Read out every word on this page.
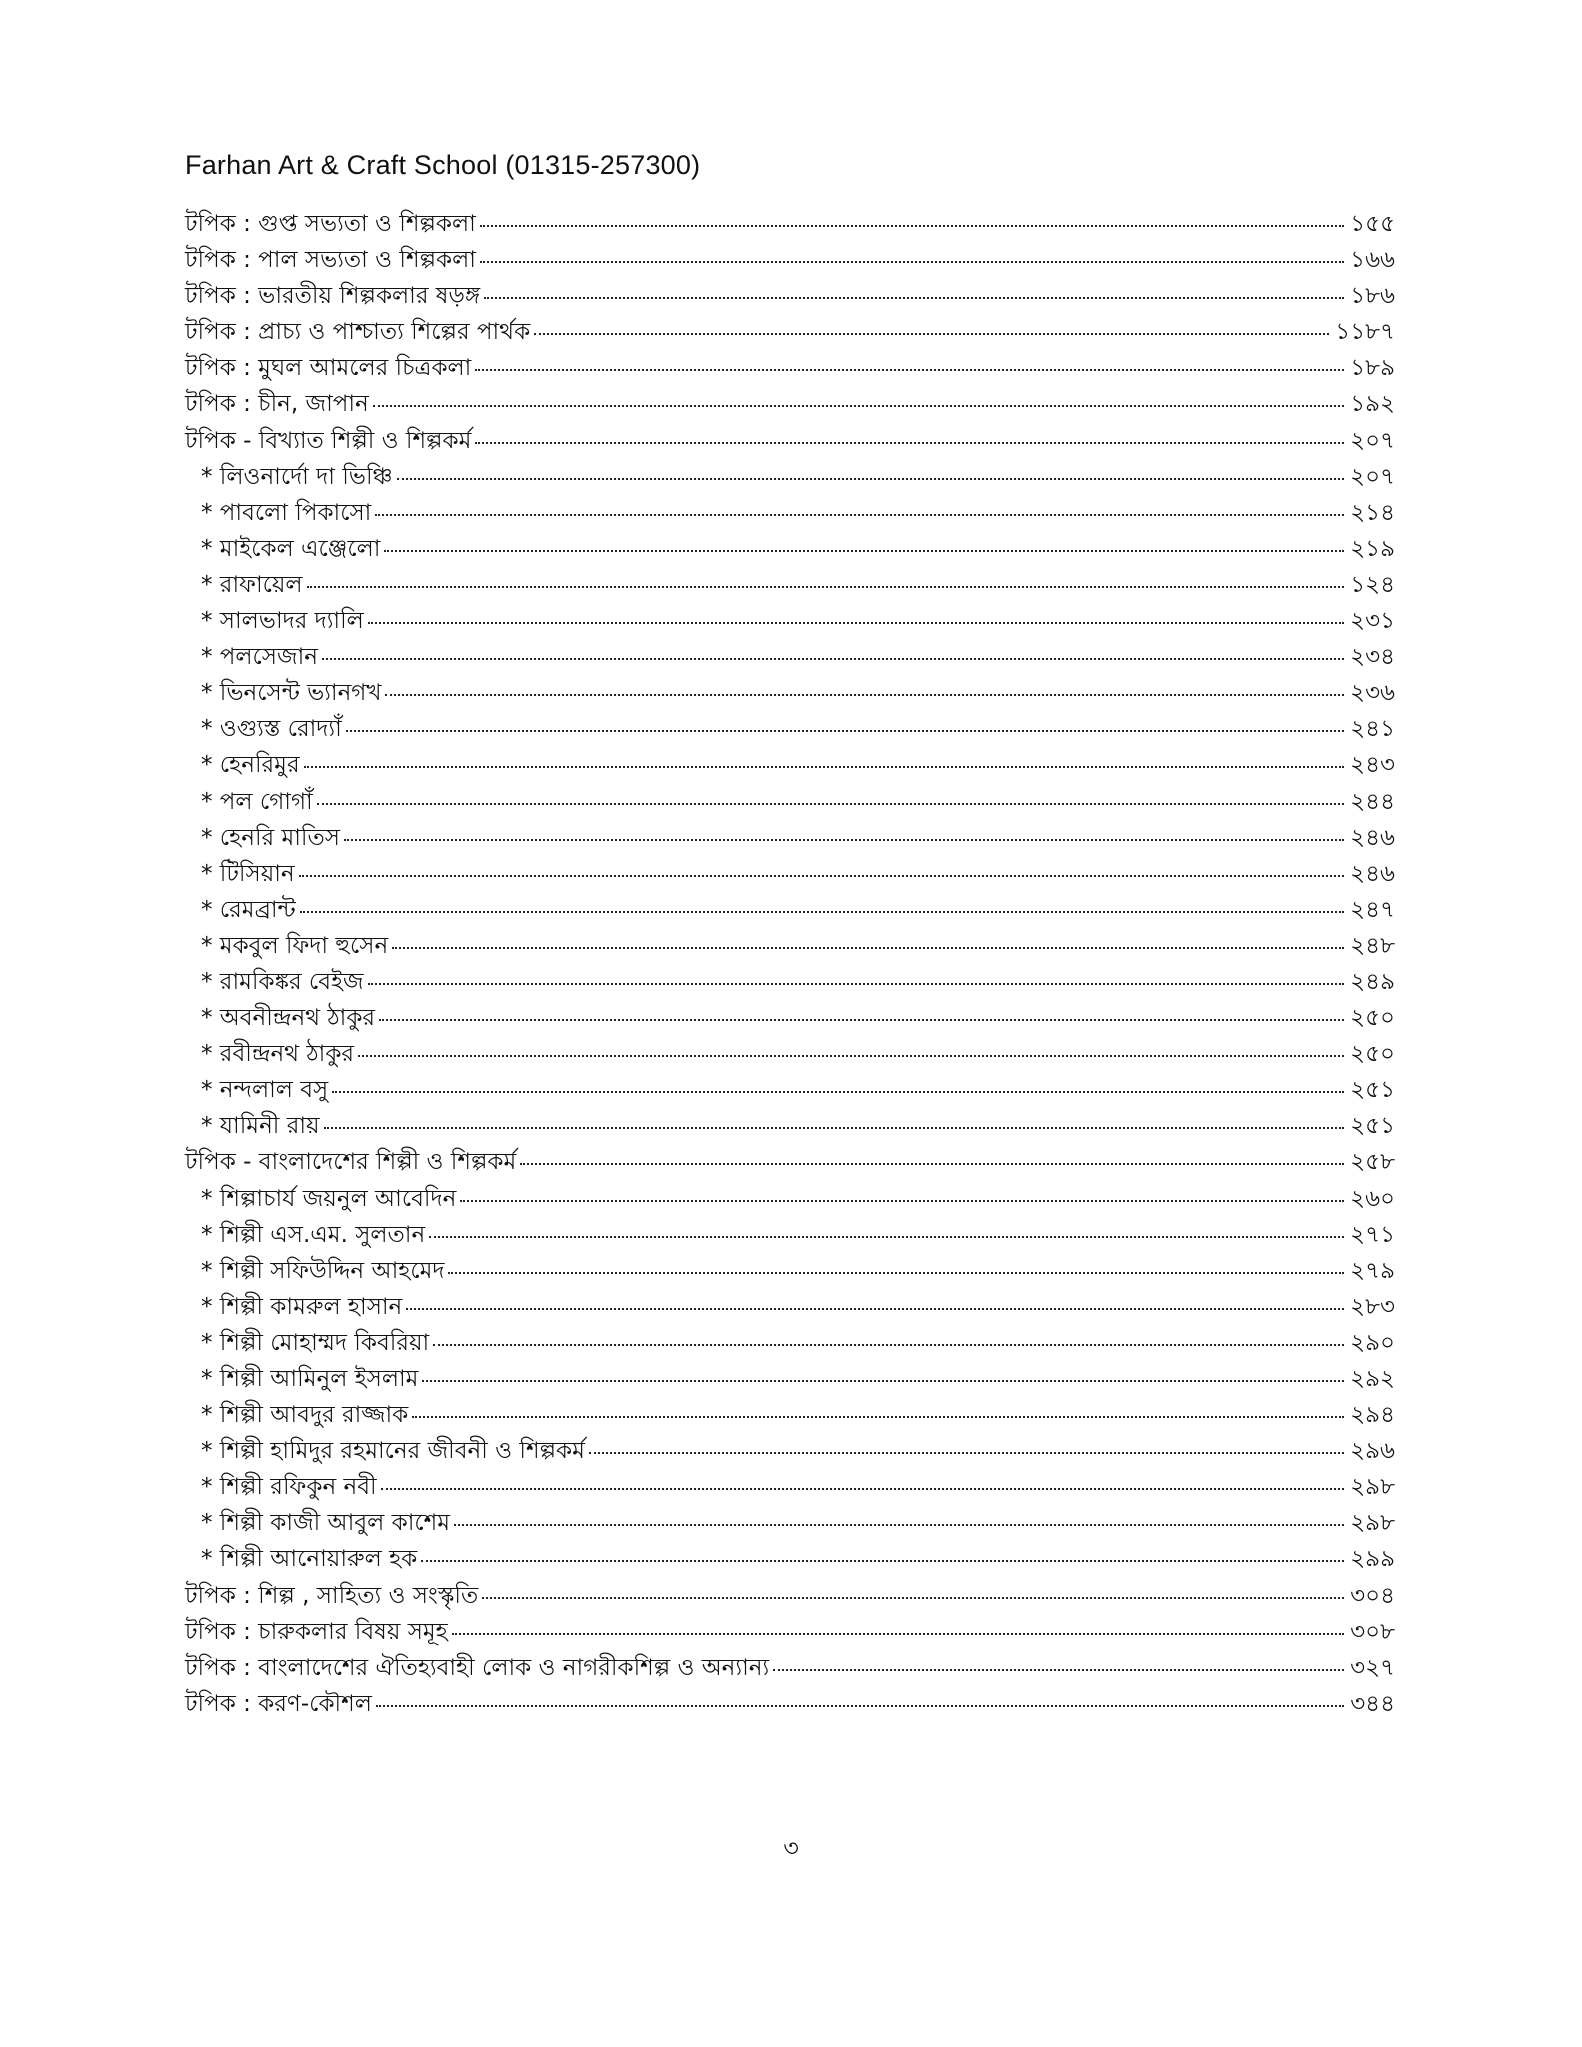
Farhan Art & Craft School (01315-257300)
টপিক : গুপ্ত সভ্যতা ও শিল্পকলা	১৫৫
টপিক : পাল সভ্যতা ও শিল্পকলা	১৬৬
টপিক : ভারতীয় শিল্পকলার ষড়ঙ্গ	১৮৬
টপিক : প্রাচ্য ও পাশ্চাত্য শিল্পের পার্থক	১১৮৭
টপিক : মুঘল আমলের চিত্রকলা	১৮৯
টপিক : চীন, জাপান	১৯২
টপিক - বিখ্যাত শিল্পী ও শিল্পকর্ম	২০৭
* লিওনার্দো দা ভিঞ্চি	২০৭
* পাবলো পিকাসো	২১৪
* মাইকেল এঞ্জেলো	২১৯
* রাফায়েল	১২৪
* সালভাদর দ্যালি	২৩১
* পলসেজান	২৩৪
* ভিনসেন্ট ভ্যানগখ	২৩৬
* ওগ্যুস্ত রোদ্যাঁ	২৪১
* হেনরিমুর	২৪৩
* পল গোগাঁ	২৪৪
* হেনরি মাতিস	২৪৬
* টিসিয়ান	২৪৬
* রেমব্রান্ট	২৪৭
* মকবুল ফিদা হুসেন	২৪৮
* রামকিঙ্কর বেইজ	২৪৯
* অবনীন্দ্রনথ ঠাকুর	২৫০
* রবীন্দ্রনথ ঠাকুর	২৫০
* নন্দলাল বসু	২৫১
* যামিনী রায়	২৫১
টপিক - বাংলাদেশের শিল্পী ও শিল্পকর্ম	২৫৮
* শিল্পাচার্য জয়নুল আবেদিন	২৬০
* শিল্পী এস.এম. সুলতান	২৭১
* শিল্পী সফিউদ্দিন আহমেদ	২৭৯
* শিল্পী কামরুল হাসান	২৮৩
* শিল্পী মোহাম্মদ কিবরিয়া	২৯০
* শিল্পী আমিনুল ইসলাম	২৯২
* শিল্পী আবদুর রাজ্জাক	২৯৪
* শিল্পী হামিদুর রহমানের জীবনী ও শিল্পকর্ম	২৯৬
* শিল্পী রফিকুন নবী	২৯৮
* শিল্পী কাজী আবুল কাশেম	২৯৮
* শিল্পী আনোয়ারুল হক	২৯৯
টপিক : শিল্প , সাহিত্য ও সংস্কৃতি	৩০৪
টপিক : চারুকলার বিষয় সমূহ	৩০৮
টপিক : বাংলাদেশের ঐতিহ্যবাহী লোক ও নাগরীকশিল্প ও অন্যান্য	৩২৭
টপিক : করণ-কৌশল	৩৪৪
৩
